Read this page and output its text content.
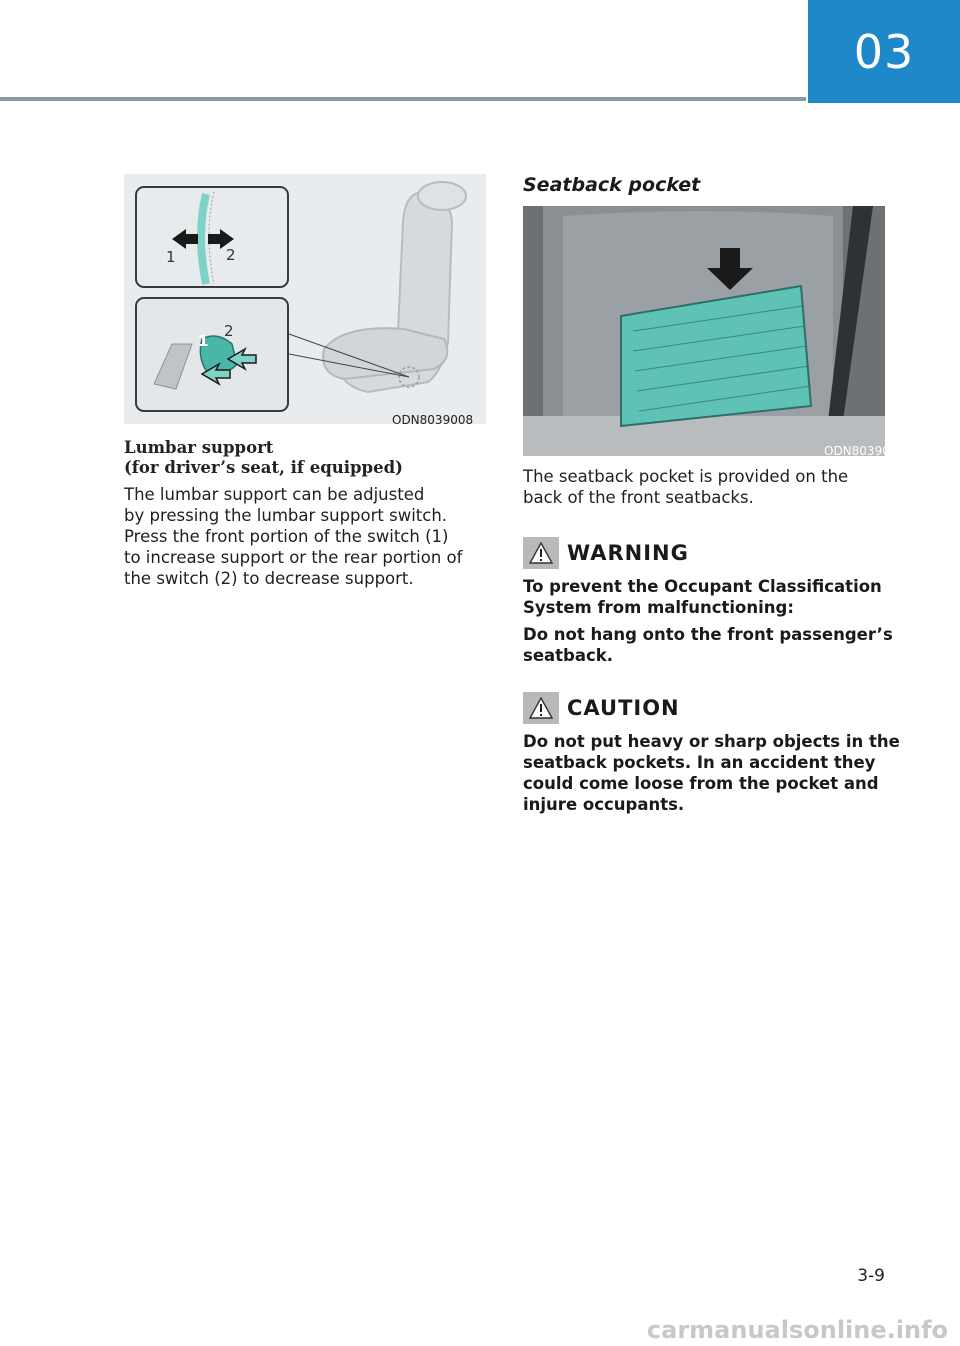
03
1	2
1
2
ODN8039008
Lumbar support
(for driver’s seat, if equipped)

The lumbar support can be adjusted

by pressing the lumbar support switch.

Press the front portion of the switch (1)

to increase support or the rear portion of

the switch (2) to decrease support.

Seatback pocket
ODN8039016

The seatback pocket is provided on the

back of the front seatbacks.

WARNING

To prevent the Occupant Classification

System from malfunctioning:

Do not hang onto the front passenger’s

seatback.

CAUTION

Do not put heavy or sharp objects in the

seatback pockets. In an accident they

could come loose from the pocket and

injure occupants.

3-9
carmanualsonline.info
